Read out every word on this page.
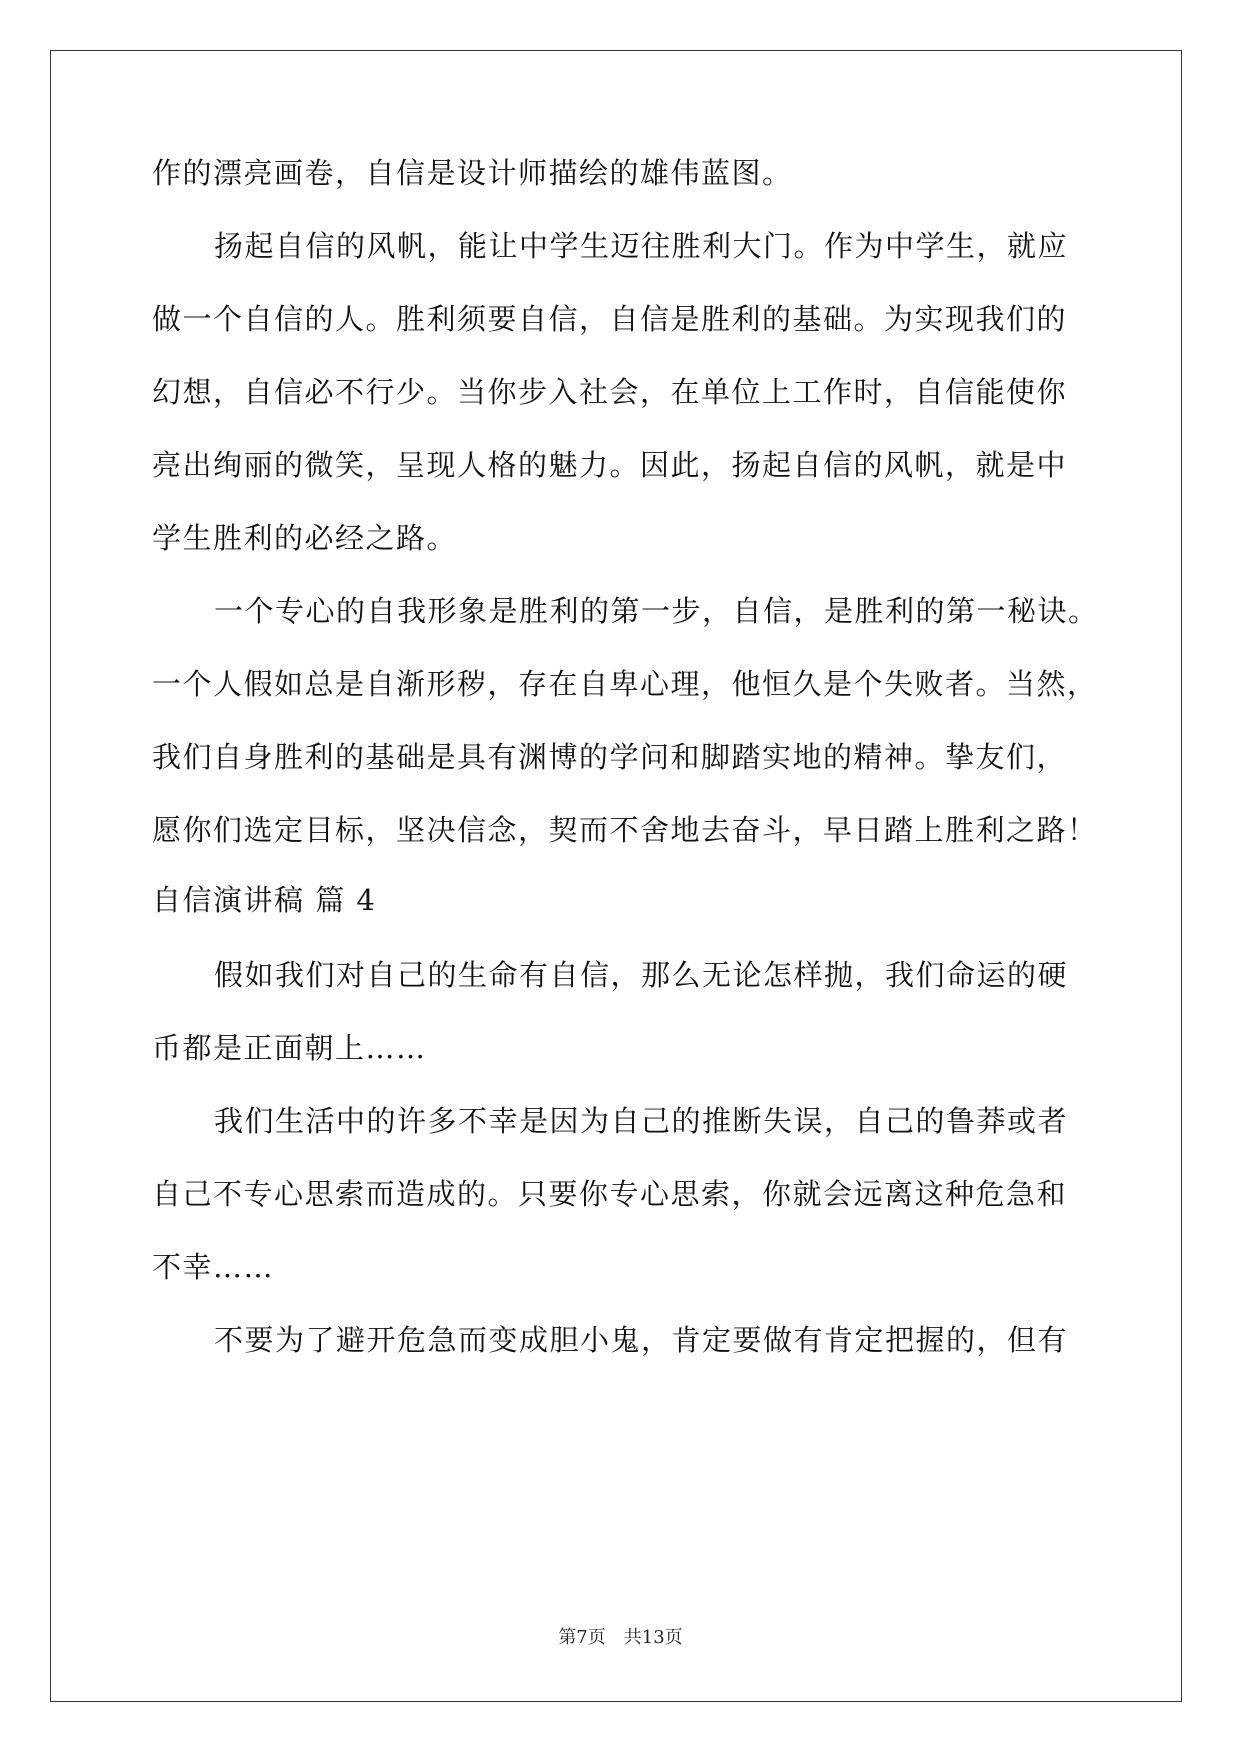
作的漂亮画卷，自信是设计师描绘的雄伟蓝图。
扬起自信的风帆，能让中学生迈往胜利大门。作为中学生，就应
做一个自信的人。胜利须要自信，自信是胜利的基础。为实现我们的
幻想，自信必不行少。当你步入社会，在单位上工作时，自信能使你
亮出绚丽的微笑，呈现人格的魅力。因此，扬起自信的风帆，就是中
学生胜利的必经之路。
一个专心的自我形象是胜利的第一步，自信，是胜利的第一秘诀。
一个人假如总是自渐形秽，存在自卑心理，他恒久是个失败者。当然，
我们自身胜利的基础是具有渊博的学问和脚踏实地的精神。挚友们，
愿你们选定目标，坚决信念，契而不舍地去奋斗，早日踏上胜利之路！
自信演讲稿 篇 4
假如我们对自己的生命有自信，那么无论怎样抛，我们命运的硬
币都是正面朝上……
我们生活中的许多不幸是因为自己的推断失误，自己的鲁莽或者
自己不专心思索而造成的。只要你专心思索，你就会远离这种危急和
不幸……
不要为了避开危急而变成胆小鬼，肯定要做有肯定把握的，但有
第7页 共13页
